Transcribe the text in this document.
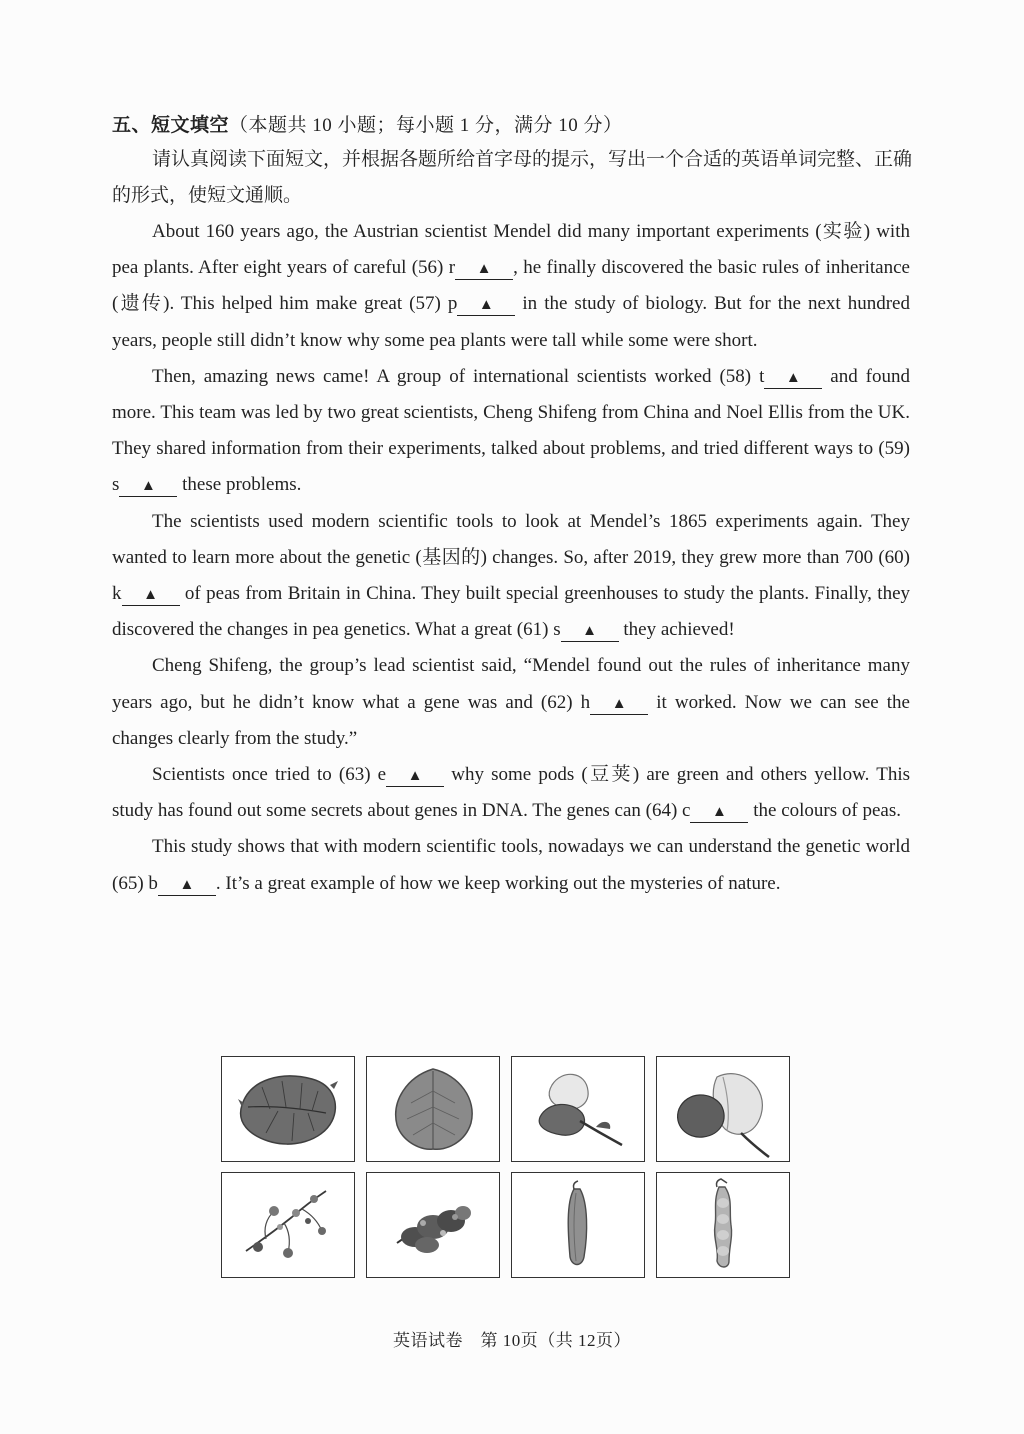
五、短文填空（本题共 10 小题；每小题 1 分，满分 10 分）
请认真阅读下面短文，并根据各题所给首字母的提示，写出一个合适的英语单词完整、正确的形式，使短文通顺。

About 160 years ago, the Austrian scientist Mendel did many important experiments (实验) with pea plants. After eight years of careful (56) r ▲ , he finally discovered the basic rules of inheritance (遗传). This helped him make great (57) p ▲ in the study of biology. But for the next hundred years, people still didn’t know why some pea plants were tall while some were short.

Then, amazing news came! A group of international scientists worked (58) t ▲ and found more. This team was led by two great scientists, Cheng Shifeng from China and Noel Ellis from the UK. They shared information from their experiments, talked about problems, and tried different ways to (59) s ▲ these problems.

The scientists used modern scientific tools to look at Mendel’s 1865 experiments again. They wanted to learn more about the genetic (基因的) changes. So, after 2019, they grew more than 700 (60) k ▲ of peas from Britain in China. They built special greenhouses to study the plants. Finally, they discovered the changes in pea genetics. What a great (61) s ▲ they achieved!

Cheng Shifeng, the group’s lead scientist said, “Mendel found out the rules of inheritance many years ago, but he didn’t know what a gene was and (62) h ▲ it worked. Now we can see the changes clearly from the study.”

Scientists once tried to (63) e ▲ why some pods (豆荚) are green and others yellow. This study has found out some secrets about genes in DNA. The genes can (64) c ▲ the colours of peas.

This study shows that with modern scientific tools, nowadays we can understand the genetic world (65) b ▲ . It’s a great example of how we keep working out the mysteries of nature.

英语试卷　第 10页（共 12页）
